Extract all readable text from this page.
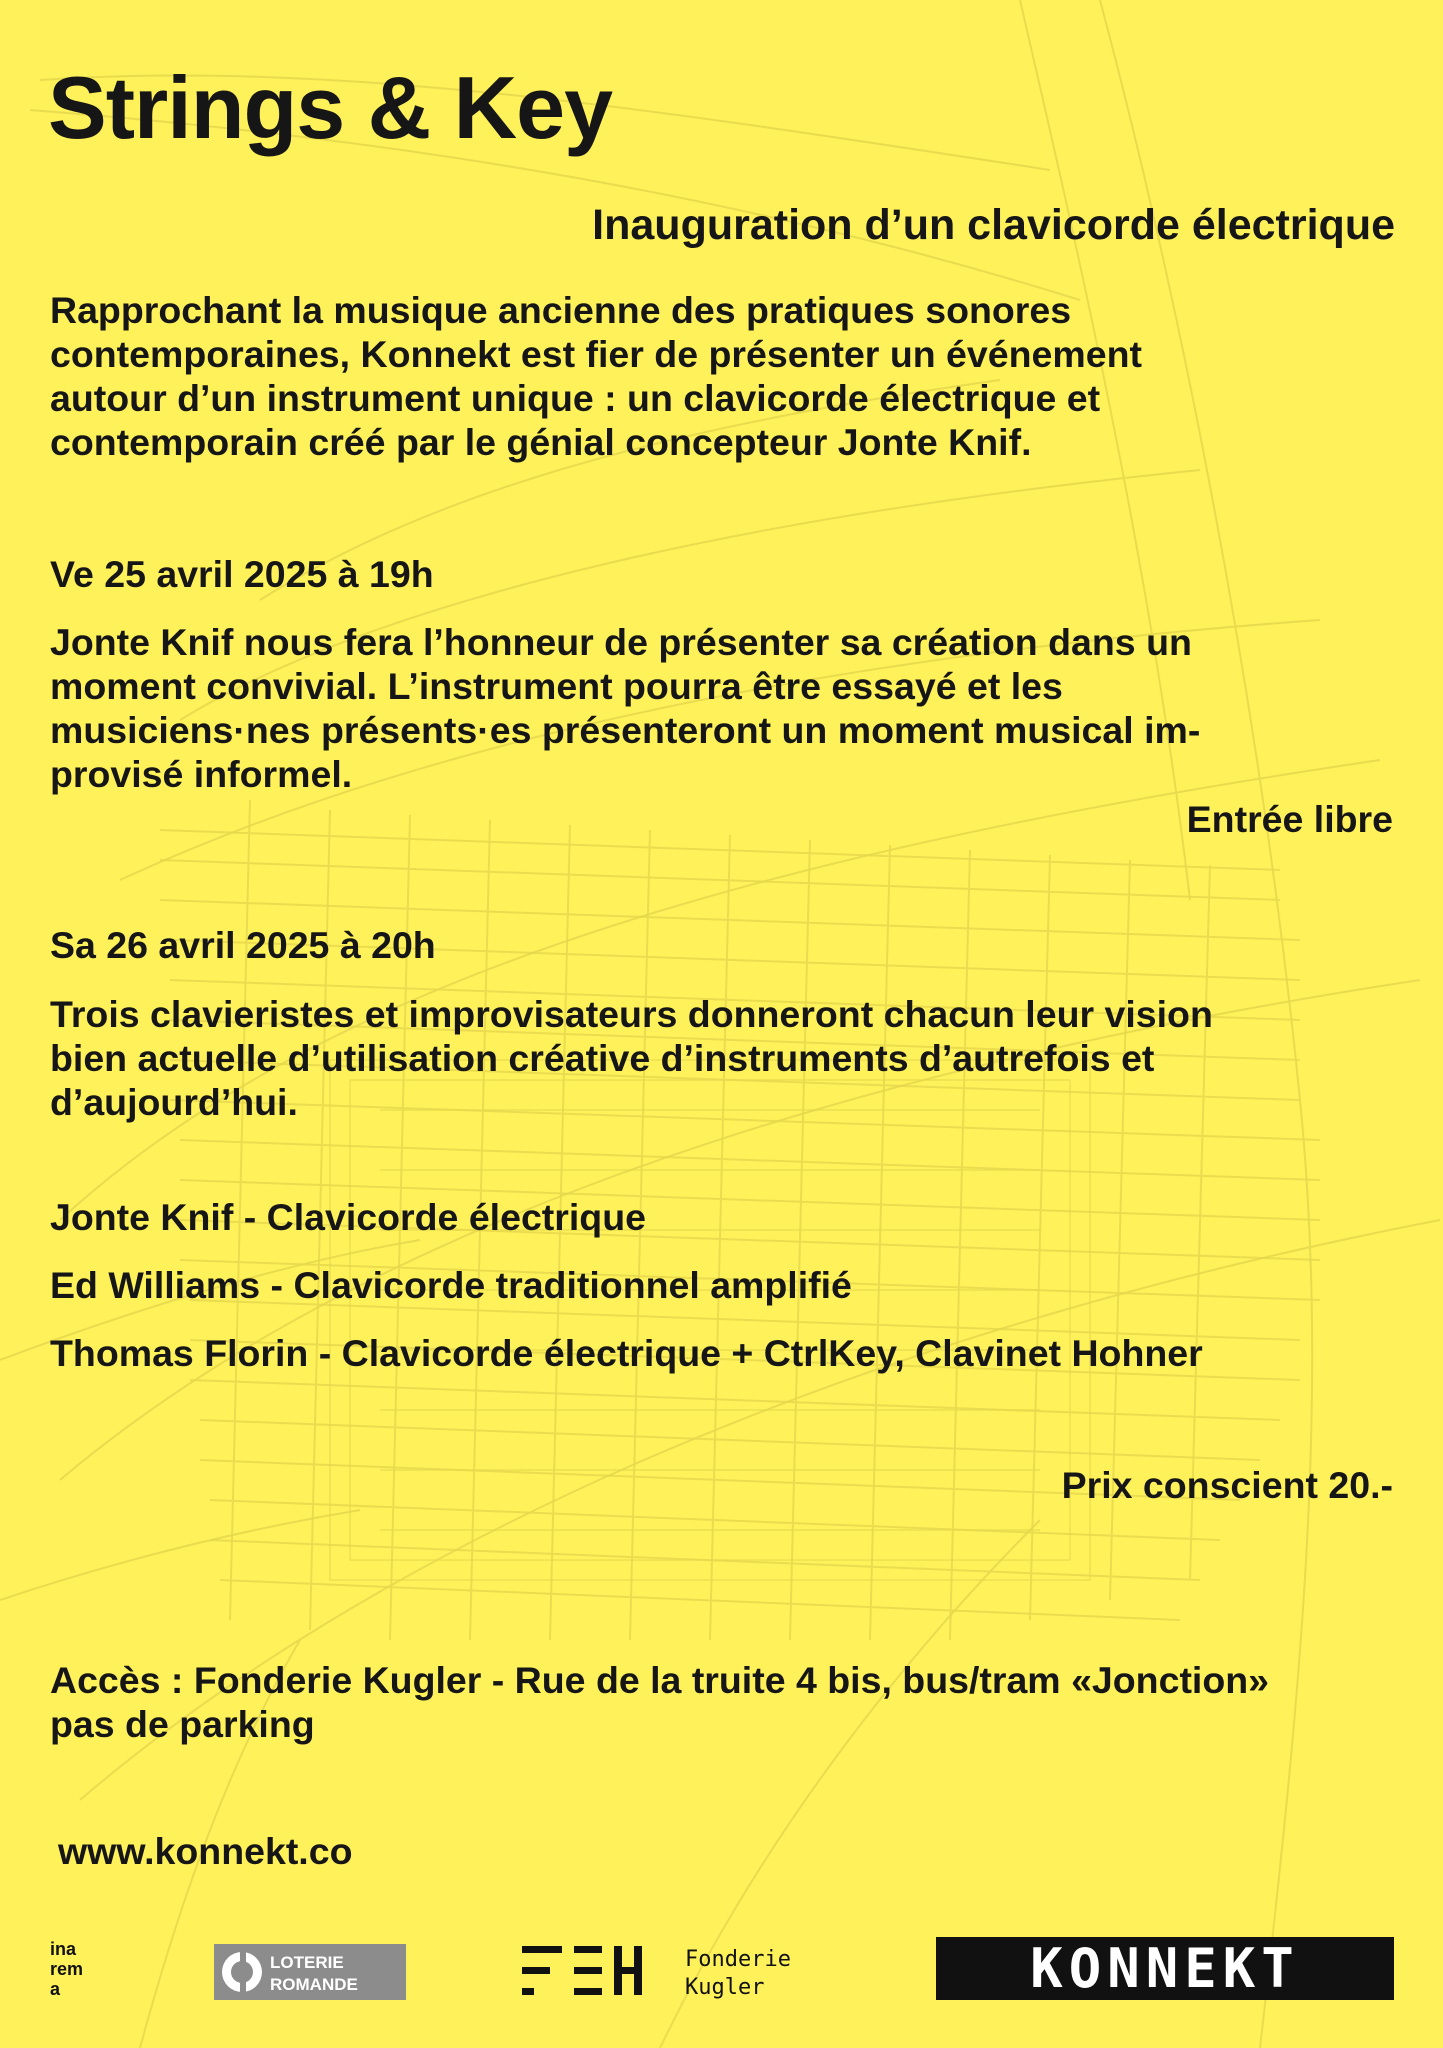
Strings & Key
Inauguration d’un clavicorde électrique

Rapprochant la musique ancienne des pratiques sonores
contemporaines, Konnekt est fier de présenter un événement
autour d’un instrument unique : un clavicorde électrique et
contemporain créé par le génial concepteur Jonte Knif.

Ve 25 avril 2025 à 19h

Jonte Knif nous fera l’honneur de présenter sa création dans un
moment convivial. L’instrument pourra être essayé et les
musiciens·nes présents·es présenteront un moment musical im-
provisé informel.

Entrée libre
Sa 26 avril 2025 à 20h

Trois clavieristes et improvisateurs donneront chacun leur vision
bien actuelle d’utilisation créative d’instruments d’autrefois et
d’aujourd’hui.

Jonte Knif - Clavicorde électrique
Ed Williams - Clavicorde traditionnel amplifié
Thomas Florin - Clavicorde électrique + CtrlKey, Clavinet Hohner
Prix conscient 20.-

Accès : Fonderie Kugler - Rue de la truite 4 bis, bus/tram «Jonction»
pas de parking

www.konnekt.co
ina
rem
a
LOTERIE
ROMANDE
Fonderie
Kugler	KONNEKT
